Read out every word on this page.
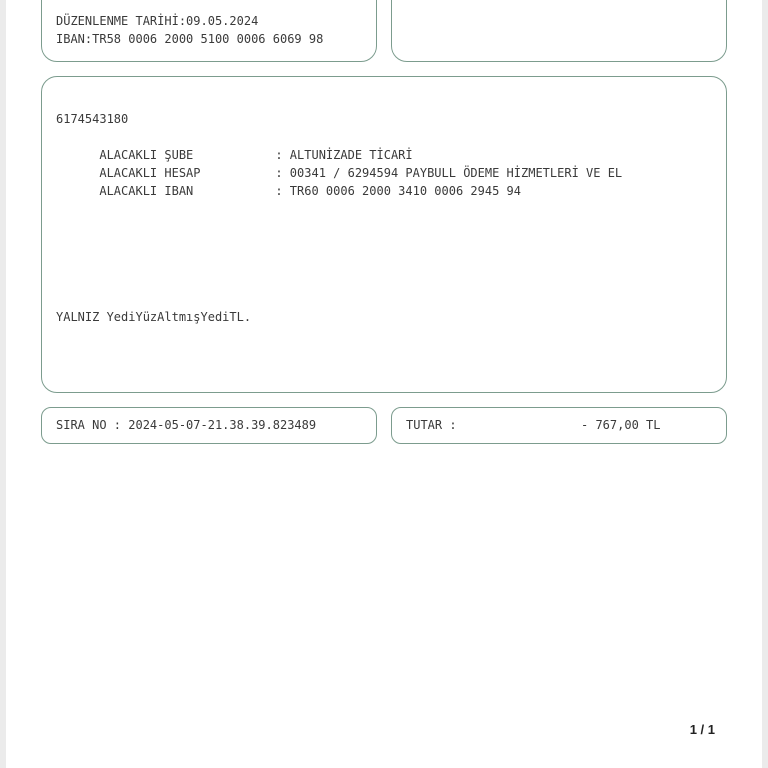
DÜZENLENME TARİHİ:09.05.2024
IBAN:TR58 0006 2000 5100 0006 6069 98
6174543180

ALACAKLI ŞUBE	: ALTUNİZADE TİCARİ

ALACAKLI HESAP	: 00341 / 6294594 PAYBULL ÖDEME HİZMETLERİ VE EL

ALACAKLI IBAN	: TR60 0006 2000 3410 0006 2945 94

YALNIZ YediYüzAltmışYediTL.
SIRA NO : 2024-05-07-21.38.39.823489	TUTAR :	- 767,00 TL
1 / 1
